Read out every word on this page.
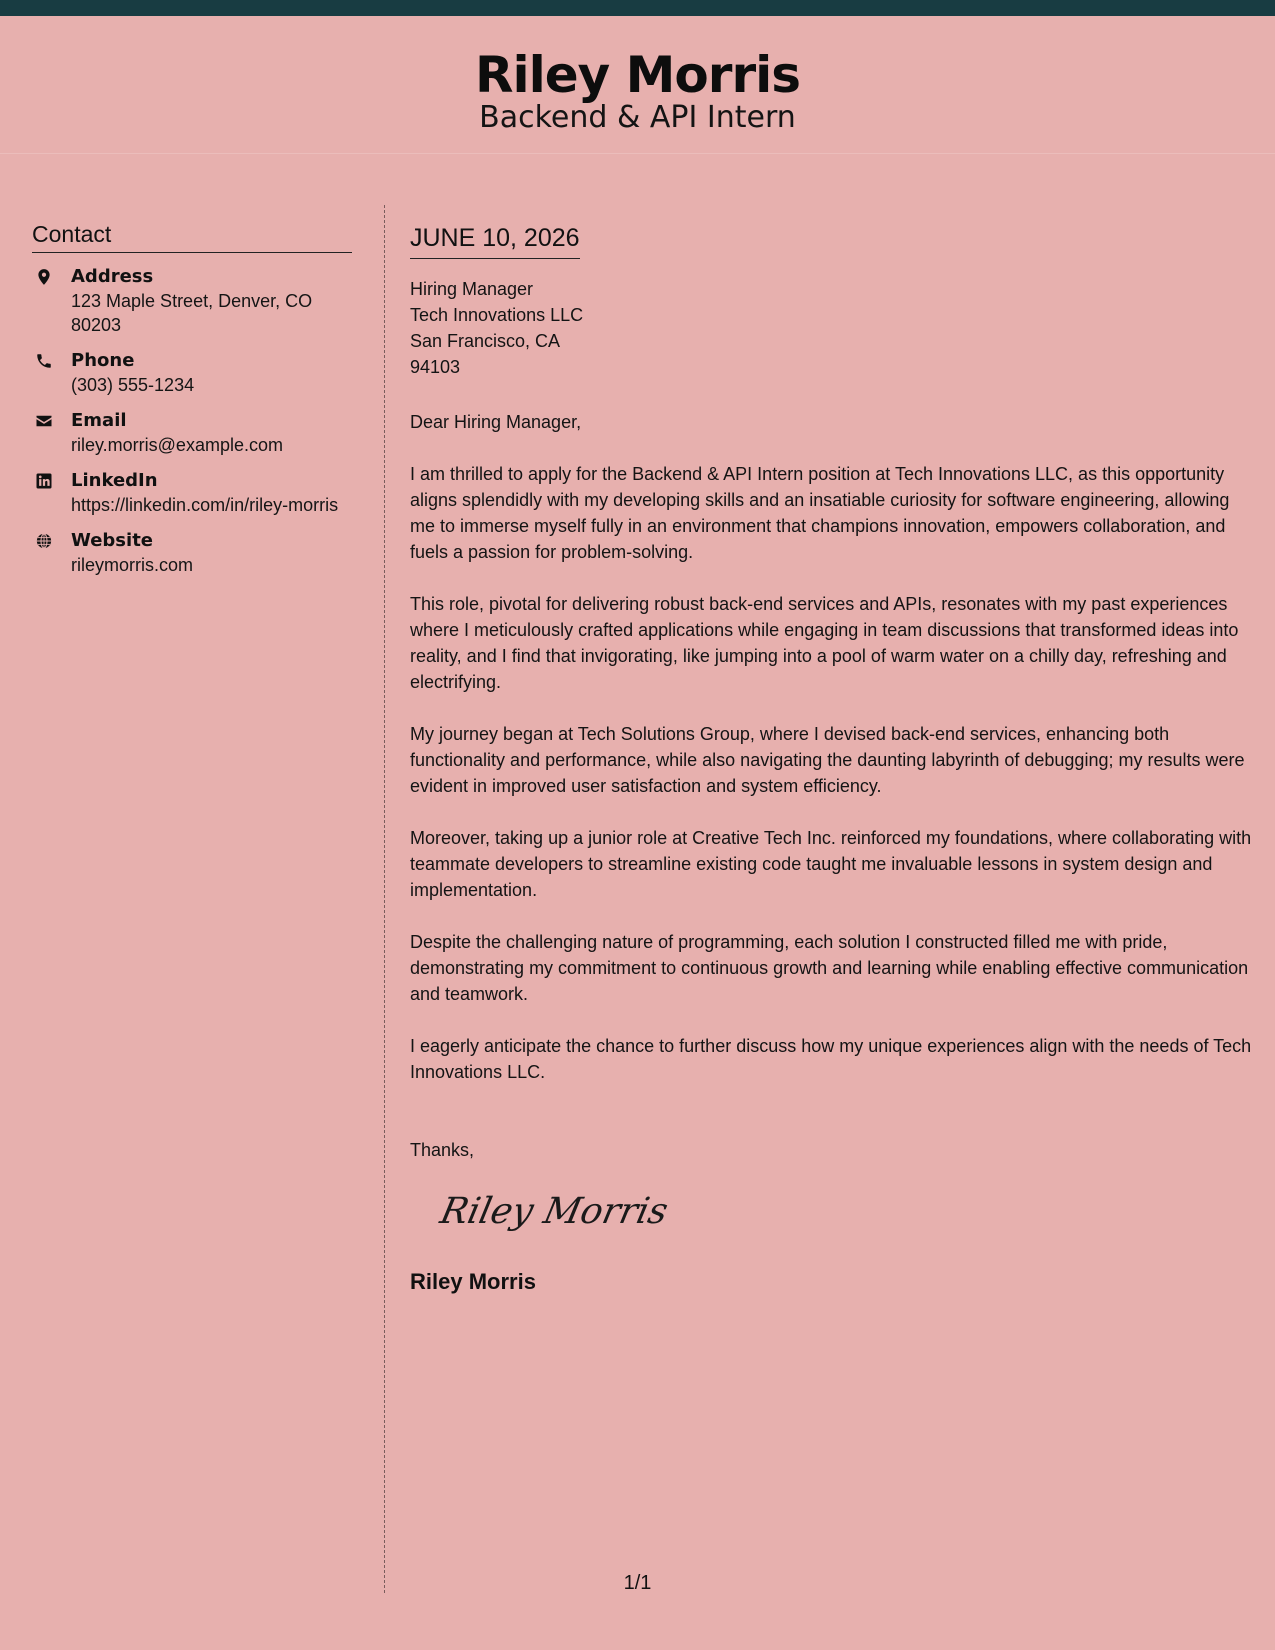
Riley Morris
Backend & API Intern
Contact
Address
123 Maple Street, Denver, CO 80203
Phone
(303) 555-1234
Email
riley.morris@example.com
LinkedIn
https://linkedin.com/in/riley-morris
Website
rileymorris.com
JUNE 10, 2026
Hiring Manager
Tech Innovations LLC
San Francisco, CA
94103
Dear Hiring Manager,

I am thrilled to apply for the Backend & API Intern position at Tech Innovations LLC, as this opportunity aligns splendidly with my developing skills and an insatiable curiosity for software engineering, allowing me to immerse myself fully in an environment that champions innovation, empowers collaboration, and fuels a passion for problem-solving.

This role, pivotal for delivering robust back-end services and APIs, resonates with my past experiences where I meticulously crafted applications while engaging in team discussions that transformed ideas into reality, and I find that invigorating, like jumping into a pool of warm water on a chilly day, refreshing and electrifying.

My journey began at Tech Solutions Group, where I devised back-end services, enhancing both functionality and performance, while also navigating the daunting labyrinth of debugging; my results were evident in improved user satisfaction and system efficiency.

Moreover, taking up a junior role at Creative Tech Inc. reinforced my foundations, where collaborating with teammate developers to streamline existing code taught me invaluable lessons in system design and implementation.

Despite the challenging nature of programming, each solution I constructed filled me with pride, demonstrating my commitment to continuous growth and learning while enabling effective communication and teamwork.

I eagerly anticipate the chance to further discuss how my unique experiences align with the needs of Tech Innovations LLC.

Thanks,
Riley Morris
Riley Morris
1/1
